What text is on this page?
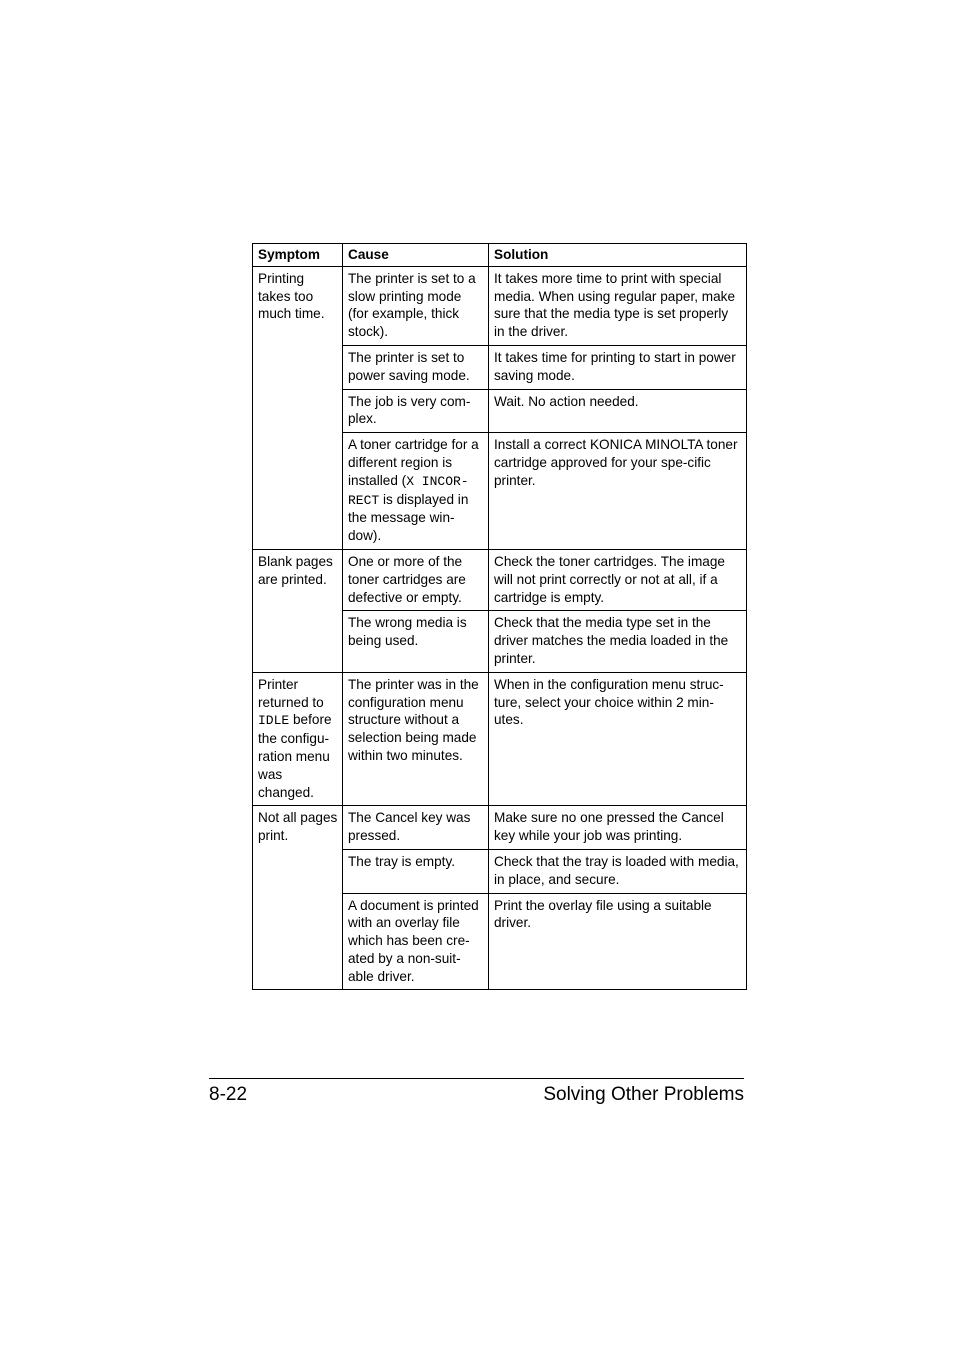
Symptom	Cause	Solution
Printing takes too much time.	The printer is set to a slow printing mode (for example, thick stock).	It takes more time to print with special media. When using regular paper, make sure that the media type is set properly in the driver.
	The printer is set to power saving mode.	It takes time for printing to start in power saving mode.
	The job is very com-plex.	Wait. No action needed.
	A toner cartridge for a different region is installed (X INCOR-RECT is displayed in the message win-dow).	Install a correct KONICA MINOLTA toner cartridge approved for your spe-cific printer.
Blank pages are printed.	One or more of the toner cartridges are defective or empty.	Check the toner cartridges. The image will not print correctly or not at all, if a cartridge is empty.
	The wrong media is being used.	Check that the media type set in the driver matches the media loaded in the printer.
Printer returned to IDLE before the configu-ration menu was changed.	The printer was in the configuration menu structure without a selection being made within two minutes.	When in the configuration menu struc-ture, select your choice within 2 min-utes.
Not all pages print.	The Cancel key was pressed.	Make sure no one pressed the Cancel key while your job was printing.
	The tray is empty.	Check that the tray is loaded with media, in place, and secure.
	A document is printed with an overlay file which has been cre-ated by a non-suit-able driver.	Print the overlay file using a suitable driver.
8-22	Solving Other Problems
